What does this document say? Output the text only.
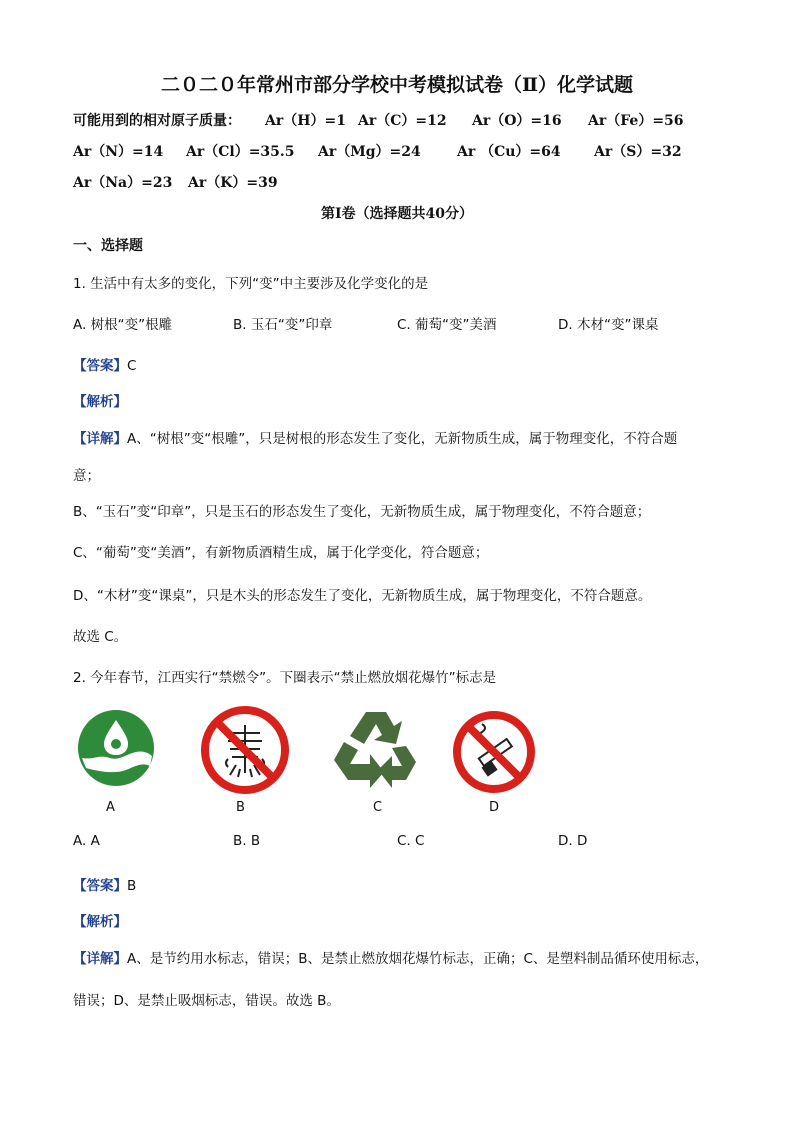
二０二０年常州市部分学校中考模拟试卷（Ⅱ）化学试题
可能用到的相对原子质量： Ar（H）=1 Ar（C）=12 Ar（O）=16 Ar（Fe）=56
Ar（N）=14 Ar（Cl）=35.5 Ar（Mg）=24	Ar （Cu）=64 Ar（S）=32
Ar（Na）=23 Ar（K）=39
第Ⅰ卷（选择题共40分）
一、选择题
1. 生活中有太多的变化，下列“变”中主要涉及化学变化的是
A. 树根“变”根雕	B. 玉石“变”印章	C. 葡萄“变”美酒	D. 木材“变”课桌
【答案】C
【解析】
【详解】A、“树根”变“根雕”，只是树根的形态发生了变化，无新物质生成，属于物理变化，不符合题
意；
B、“玉石”变“印章”，只是玉石的形态发生了变化，无新物质生成，属于物理变化，不符合题意；
C、“葡萄”变“美酒”，有新物质酒精生成，属于化学变化，符合题意；
D、“木材”变“课桌”，只是木头的形态发生了变化，无新物质生成，属于物理变化，不符合题意。
故选 C。
2. 今年春节，江西实行“禁燃令”。下圈表示“禁止燃放烟花爆竹”标志是
A	B	C	D
A. A	B. B	C. C	D. D
【答案】B
【解析】
【详解】A、是节约用水标志，错误；B、是禁止燃放烟花爆竹标志，正确；C、是塑料制品循环使用标志，
错误；D、是禁止吸烟标志，错误。故选 B。
